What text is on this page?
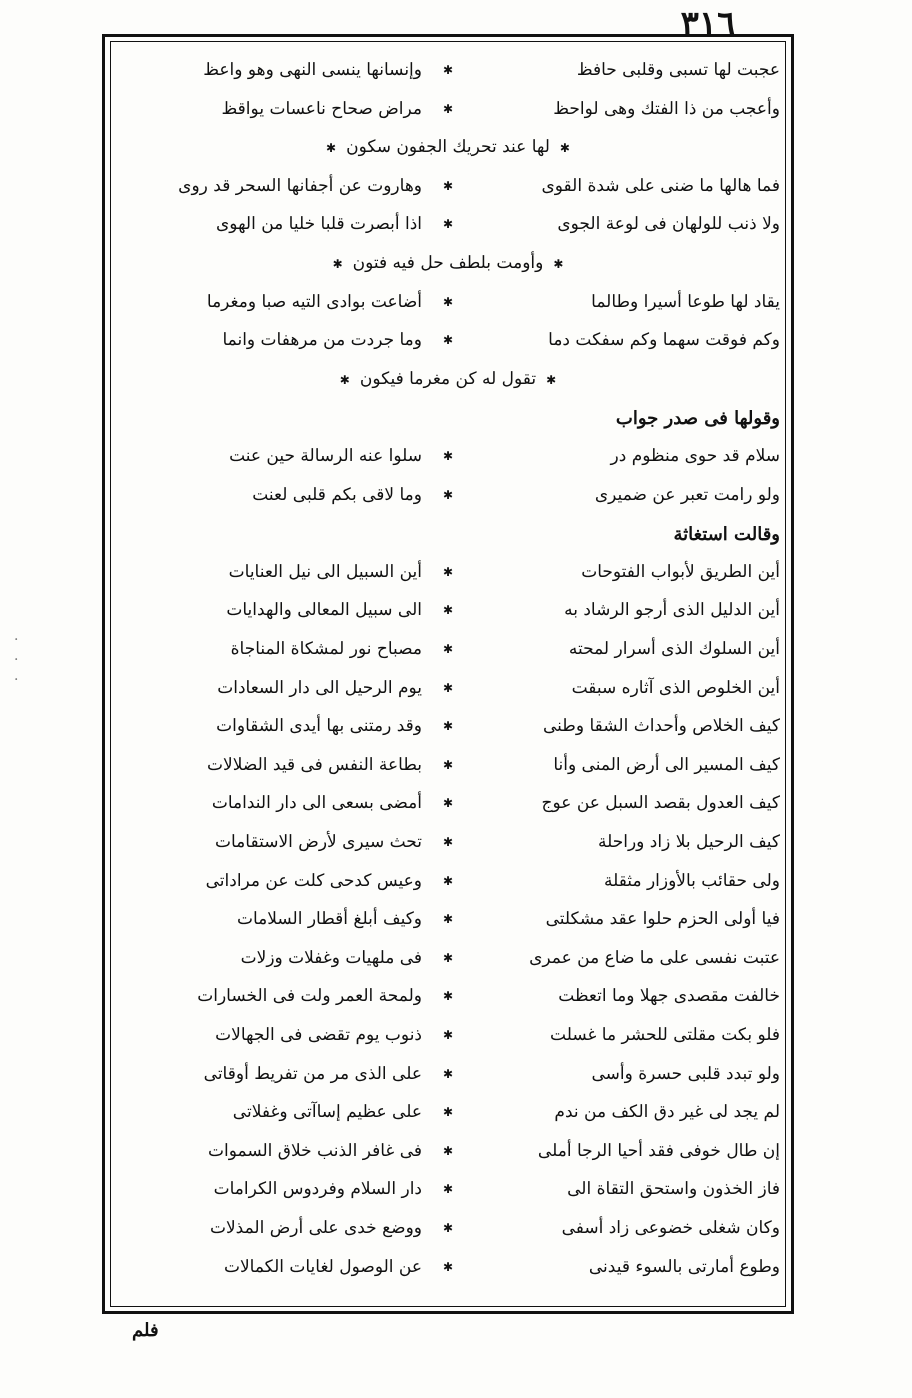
٣١٦
عجبت لها تسبى وقلبى حافظ
✱
وإنسانها ينسى النهى وهو واعظ
وأعجب من ذا الفتك وهى لواحظ
✱
مراض صحاح ناعسات يواقظ
✱لها عند تحريك الجفون سكون✱
فما هالها ما ضنى على شدة القوى
✱
وهاروت عن أجفانها السحر قد روى
ولا ذنب للولهان فى لوعة الجوى
✱
اذا أبصرت قلبا خليا من الهوى
✱وأومت بلطف حل فيه فتون✱
يقاد لها طوعا أسيرا وطالما
✱
أضاعت بوادى التيه صبا ومغرما
وكم فوقت سهما وكم سفكت دما
✱
وما جردت من مرهفات وانما
✱تقول له كن مغرما فيكون✱
وقولها فى صدر جواب
سلام قد حوى منظوم در
✱
سلوا عنه الرسالة حين عنت
ولو رامت تعبر عن ضميرى
✱
وما لاقى بكم قلبى لعنت
وقالت استغاثة
أين الطريق لأبواب الفتوحات
✱
أين السبيل الى نيل العنايات
أين الدليل الذى أرجو الرشاد به
✱
الى سبيل المعالى والهدايات
أين السلوك الذى أسرار لمحته
✱
مصباح نور لمشكاة المناجاة
أين الخلوص الذى آثاره سبقت
✱
يوم الرحيل الى دار السعادات
كيف الخلاص وأحداث الشقا وطنى
✱
وقد رمتنى بها أيدى الشقاوات
كيف المسير الى أرض المنى وأنا
✱
بطاعة النفس فى قيد الضلالات
كيف العدول بقصد السبل عن عوج
✱
أمضى بسعى الى دار الندامات
كيف الرحيل بلا زاد وراحلة
✱
تحث سيرى لأرض الاستقامات
ولى حقائب بالأوزار مثقلة
✱
وعيس كدحى كلت عن مراداتى
فيا أولى الحزم حلوا عقد مشكلتى
✱
وكيف أبلغ أقطار السلامات
عتبت نفسى على ما ضاع من عمرى
✱
فى ملهيات وغفلات وزلات
خالفت مقصدى جهلا وما اتعظت
✱
ولمحة العمر ولت فى الخسارات
فلو بكت مقلتى للحشر ما غسلت
✱
ذنوب يوم تقضى فى الجهالات
ولو تبدد قلبى حسرة وأسى
✱
على الذى مر من تفريط أوقاتى
لم يجد لى غير دق الكف من ندم
✱
على عظيم إساآتى وغفلاتى
إن طال خوفى فقد أحيا الرجا أملى
✱
فى غافر الذنب خلاق السموات
فاز الخذون واستحق التقاة الى
✱
دار السلام وفردوس الكرامات
وكان شغلى خضوعى زاد أسفى
✱
ووضع خدى على أرض المذلات
وطوع أمارتى بالسوء قيدنى
✱
عن الوصول لغايات الكمالات
فلم
·
·
·
